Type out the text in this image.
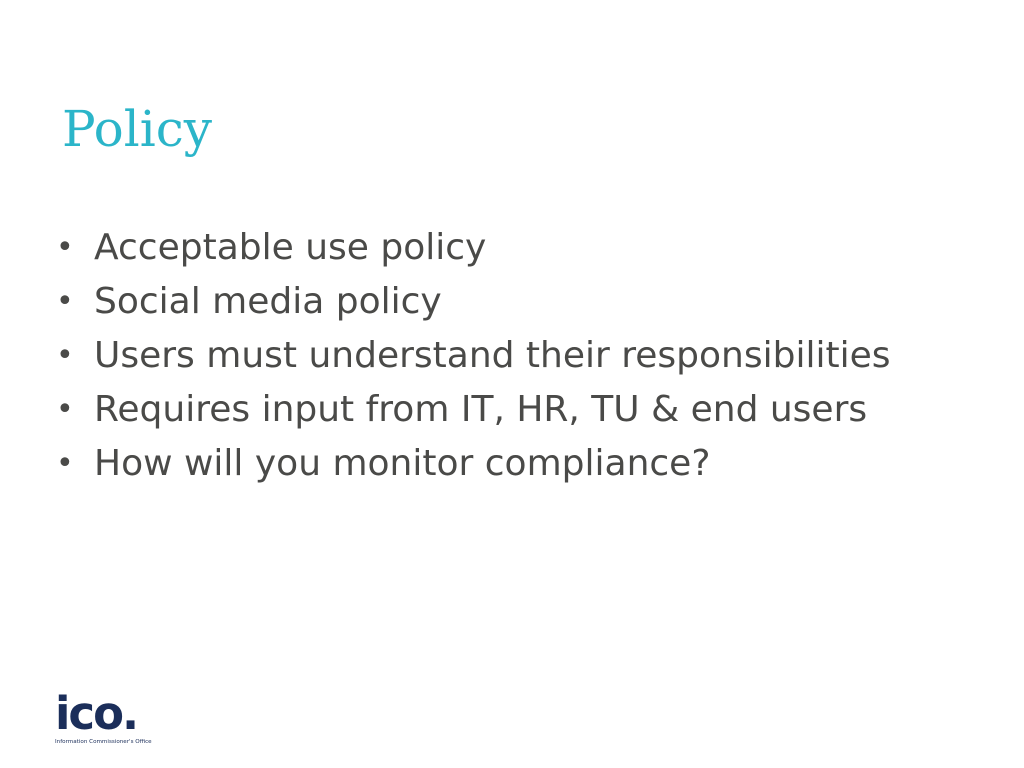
Policy
• Acceptable use policy
• Social media policy
• Users must understand their responsibilities
• Requires input from IT, HR, TU & end users
• How will you monitor compliance?
ico.
Information Commissioner's Office
